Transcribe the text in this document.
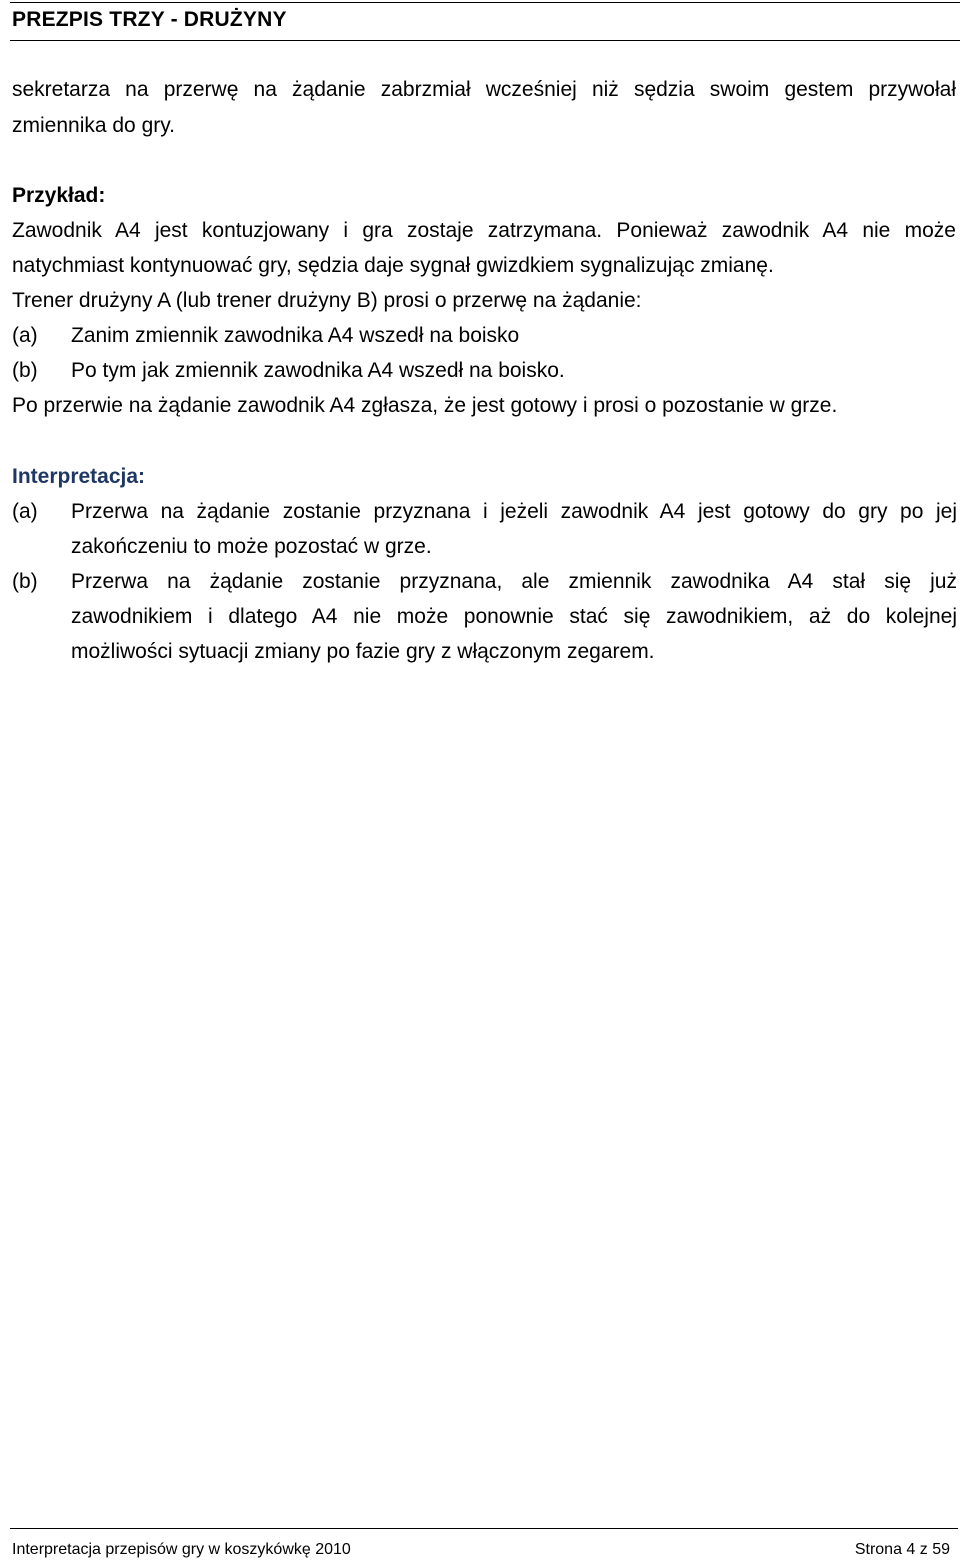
PREZPIS TRZY - DRUŻYNY
sekretarza na przerwę na żądanie zabrzmiał wcześniej niż sędzia swoim gestem przywołał
zmiennika do gry.
Przykład:
Zawodnik A4 jest kontuzjowany i gra zostaje zatrzymana. Ponieważ zawodnik A4 nie może
natychmiast kontynuować gry, sędzia daje sygnał gwizdkiem sygnalizując zmianę.
Trener drużyny A (lub trener drużyny B) prosi o przerwę na żądanie:
(a) Zanim zmiennik zawodnika A4 wszedł na boisko
(b) Po tym jak zmiennik zawodnika A4 wszedł na boisko.
Po przerwie na żądanie zawodnik A4 zgłasza, że jest gotowy i prosi o pozostanie w grze.
Interpretacja:
(a) Przerwa na żądanie zostanie przyznana i jeżeli zawodnik A4 jest gotowy do gry po jej
zakończeniu to może pozostać w grze.
(b) Przerwa na żądanie zostanie przyznana, ale zmiennik zawodnika A4 stał się już
zawodnikiem i dlatego A4 nie może ponownie stać się zawodnikiem, aż do kolejnej
możliwości sytuacji zmiany po fazie gry z włączonym zegarem.
Interpretacja przepisów gry w koszykówkę 2010	Strona 4 z 59
